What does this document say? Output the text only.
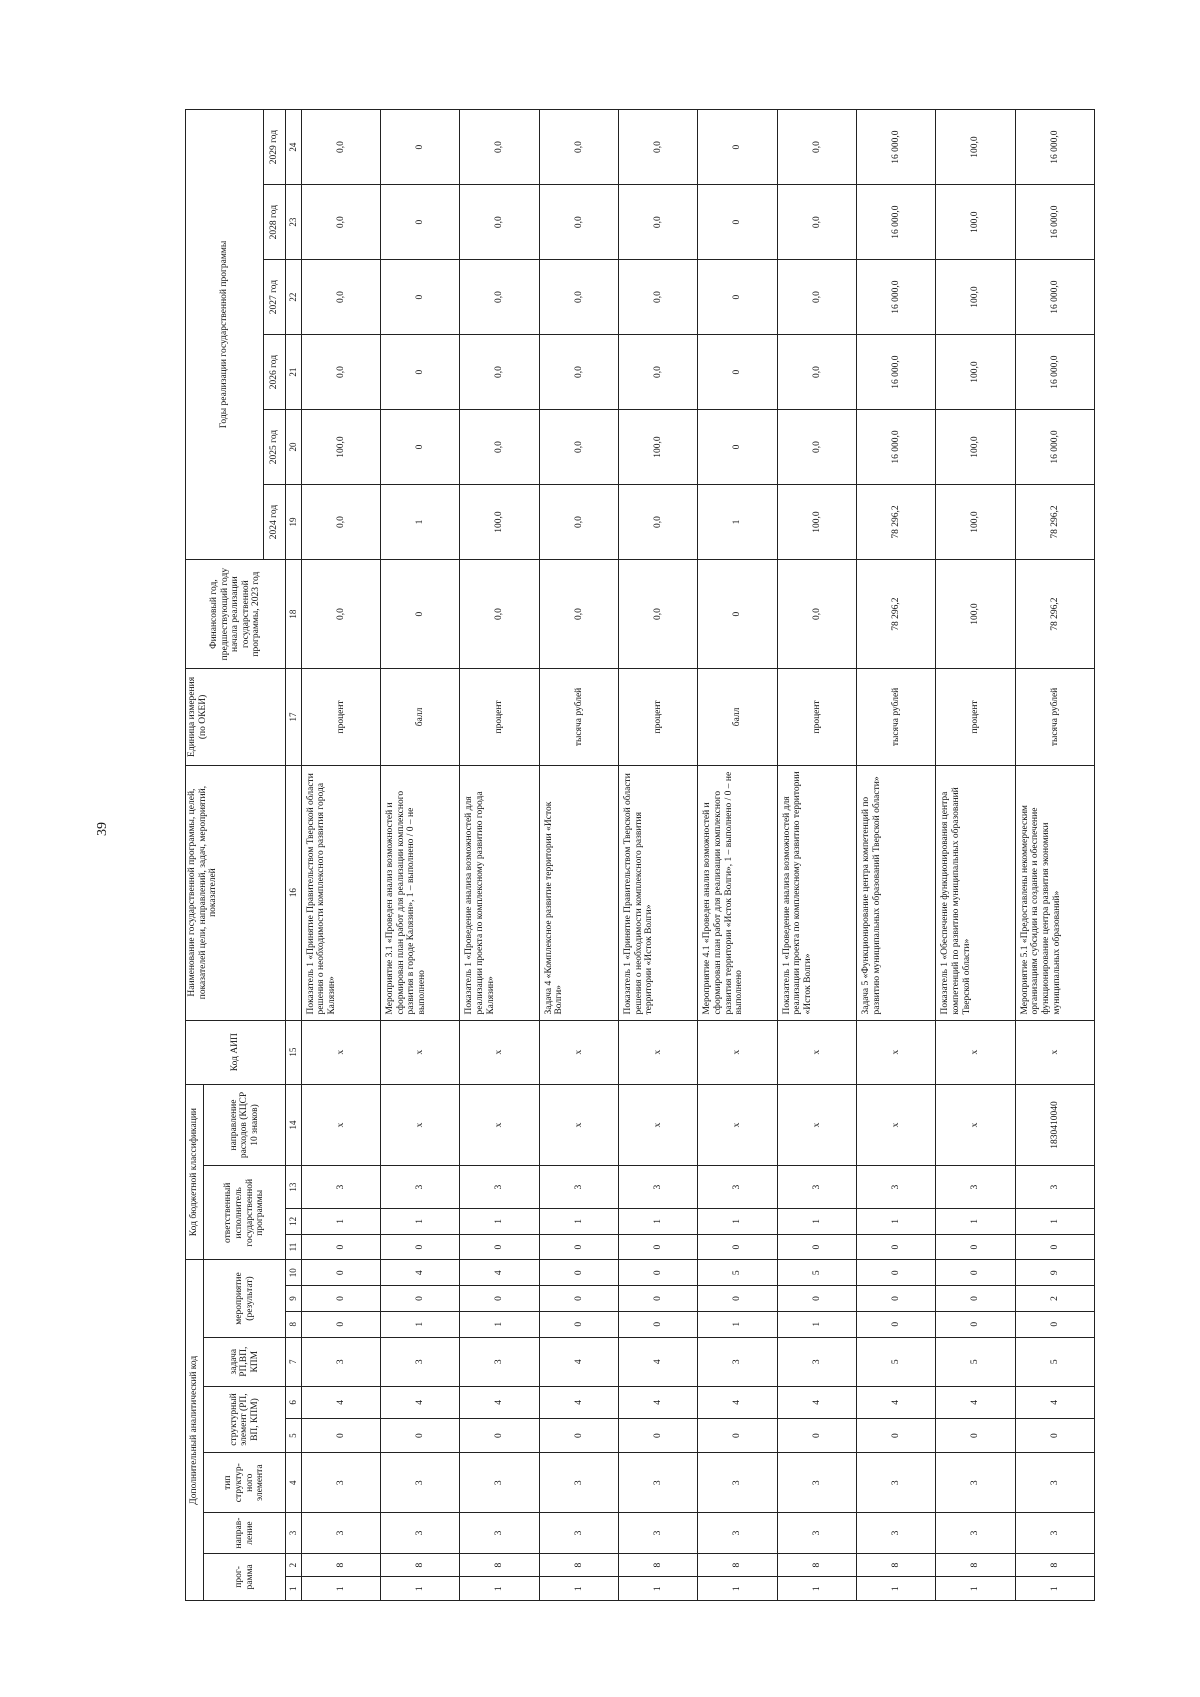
39
Дополнительный аналитический код										Код бюджетной классификации				Код АИП	Наименование государственной программы, целей, показателей цели, направлений, задач, мероприятий, показателей	Единица измерения (по ОКЕИ)	Финансовый год, предшествующий году начала реализации государственной программы, 2023 год	Годы реализации государственной программы					
прог-рамма		направ-ление	тип структур-ного элемента	структурный элемент (РП, ВП, КПМ)		задача РП,ВП, КПМ	мероприятие (результат)			ответственный исполнитель государственной программы			направление расходов (КЦСР 10 знаков)										
																		2024 год	2025 год	2026 год	2027 год	2028 год	2029 год
1	2	3	4	5	6	7	8	9	10	11	12	13	14	15	16	17	18	19	20	21	22	23	24
1	8	3	3	0	4	3	0	0	0	0	1	3	x	x	Показатель 1 «Принятие Правительством Тверской области решения о необходимости комплексного развития города Калязин»	процент	0,0	0,0	100,0	0,0	0,0	0,0	0,0
1	8	3	3	0	4	3	1	0	4	0	1	3	x	x	Мероприятие 3.1 «Проведен анализ возможностей и сформирован план работ для реализации комплексного развития в городе Калязин», 1 – выполнено / 0 – не выполнено	балл	0	1	0	0	0	0	0
1	8	3	3	0	4	3	1	0	4	0	1	3	x	x	Показатель 1 «Проведение анализа возможностей для реализации проекта по комплексному развитию города Калязин»	процент	0,0	100,0	0,0	0,0	0,0	0,0	0,0
1	8	3	3	0	4	4	0	0	0	0	1	3	x	x	Задача 4 «Комплексное развитие территории «Исток Волги»	тысяча рублей	0,0	0,0	0,0	0,0	0,0	0,0	0,0
1	8	3	3	0	4	4	0	0	0	0	1	3	x	x	Показатель 1 «Принятие Правительством Тверской области решения о необходимости комплексного развития территории «Исток Волги»	процент	0,0	0,0	100,0	0,0	0,0	0,0	0,0
1	8	3	3	0	4	3	1	0	5	0	1	3	x	x	Мероприятие 4.1 «Проведен анализ возможностей и сформирован план работ для реализации комплексного развития территории «Исток Волги», 1 – выполнено / 0 – не выполнено	балл	0	1	0	0	0	0	0
1	8	3	3	0	4	3	1	0	5	0	1	3	x	x	Показатель 1 «Проведение анализа возможностей для реализации проекта по комплексному развитию территории «Исток Волги»	процент	0,0	100,0	0,0	0,0	0,0	0,0	0,0
1	8	3	3	0	4	5	0	0	0	0	1	3	x	x	Задача 5 «Функционирование центра компетенций по развитию муниципальных образований Тверской области»	тысяча рублей	78 296,2	78 296,2	16 000,0	16 000,0	16 000,0	16 000,0	16 000,0
1	8	3	3	0	4	5	0	0	0	0	1	3	x	x	Показатель 1 «Обеспечение функционирования центра компетенций по развитию муниципальных образований Тверской области»	процент	100,0	100,0	100,0	100,0	100,0	100,0	100,0
1	8	3	3	0	4	5	0	2	9	0	1	3	1830410040	x	Мероприятие 5.1 «Предоставлены некоммерческим организациям субсидии на создание и обеспечение функционирование центра развития экономики муниципальных образований»	тысяча рублей	78 296,2	78 296,2	16 000,0	16 000,0	16 000,0	16 000,0	16 000,0
